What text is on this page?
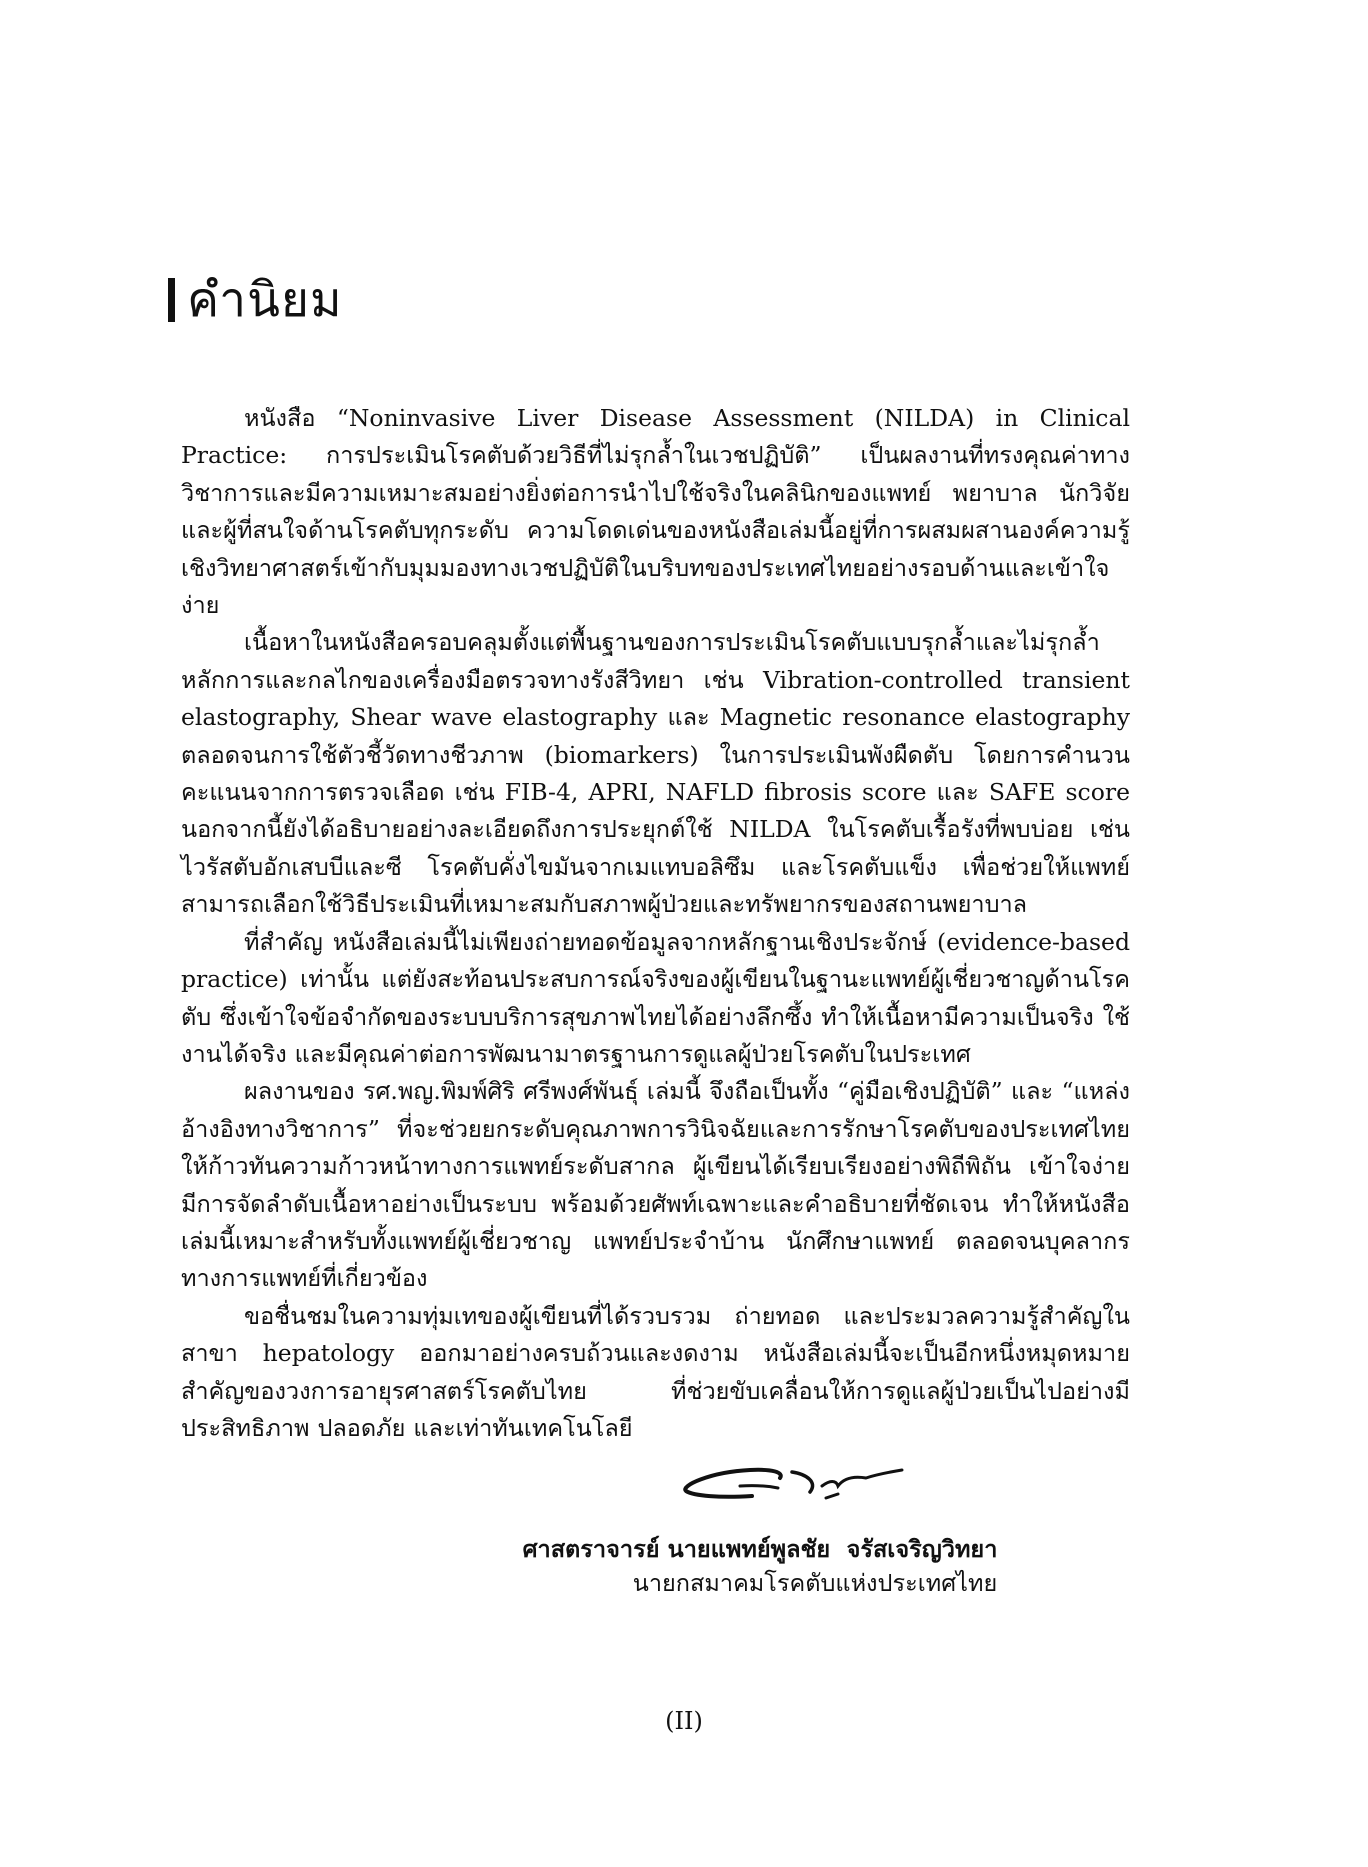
คำนิยม

หนังสือ “Noninvasive Liver Disease Assessment (NILDA) in Clinical Practice: การประเมินโรคตับด้วยวิธีที่ไม่รุกล้ำในเวชปฏิบัติ” เป็นผลงานที่ทรงคุณค่าทางวิชาการและมีความเหมาะสมอย่างยิ่งต่อการนำไปใช้จริงในคลินิกของแพทย์ พยาบาล นักวิจัย และผู้ที่สนใจด้านโรคตับทุกระดับ ความโดดเด่นของหนังสือเล่มนี้อยู่ที่การผสมผสานองค์ความรู้เชิงวิทยาศาสตร์เข้ากับมุมมองทางเวชปฏิบัติในบริบทของประเทศไทยอย่างรอบด้านและเข้าใจง่าย

เนื้อหาในหนังสือครอบคลุมตั้งแต่พื้นฐานของการประเมินโรคตับแบบรุกล้ำและไม่รุกล้ำ หลักการและกลไกของเครื่องมือตรวจทางรังสีวิทยา เช่น Vibration-controlled transient elastography, Shear wave elastography และ Magnetic resonance elastography ตลอดจนการใช้ตัวชี้วัดทางชีวภาพ (biomarkers) ในการประเมินพังผืดตับ โดยการคำนวนคะแนนจากการตรวจเลือด เช่น FIB-4, APRI, NAFLD fibrosis score และ SAFE score นอกจากนี้ยังได้อธิบายอย่างละเอียดถึงการประยุกต์ใช้ NILDA ในโรคตับเรื้อรังที่พบบ่อย เช่น ไวรัสตับอักเสบบีและซี โรคตับคั่งไขมันจากเมแทบอลิซึม และโรคตับแข็ง เพื่อช่วยให้แพทย์สามารถเลือกใช้วิธีประเมินที่เหมาะสมกับสภาพผู้ป่วยและทรัพยากรของสถานพยาบาล

ที่สำคัญ หนังสือเล่มนี้ไม่เพียงถ่ายทอดข้อมูลจากหลักฐานเชิงประจักษ์ (evidence-based practice) เท่านั้น แต่ยังสะท้อนประสบการณ์จริงของผู้เขียนในฐานะแพทย์ผู้เชี่ยวชาญด้านโรคตับ ซึ่งเข้าใจข้อจำกัดของระบบบริการสุขภาพไทยได้อย่างลึกซึ้ง ทำให้เนื้อหามีความเป็นจริง ใช้งานได้จริง และมีคุณค่าต่อการพัฒนามาตรฐานการดูแลผู้ป่วยโรคตับในประเทศ

ผลงานของ รศ.พญ.พิมพ์ศิริ ศรีพงศ์พันธุ์ เล่มนี้ จึงถือเป็นทั้ง “คู่มือเชิงปฏิบัติ” และ “แหล่งอ้างอิงทางวิชาการ” ที่จะช่วยยกระดับคุณภาพการวินิจฉัยและการรักษาโรคตับของประเทศไทยให้ก้าวทันความก้าวหน้าทางการแพทย์ระดับสากล ผู้เขียนได้เรียบเรียงอย่างพิถีพิถัน เข้าใจง่าย มีการจัดลำดับเนื้อหาอย่างเป็นระบบ พร้อมด้วยศัพท์เฉพาะและคำอธิบายที่ชัดเจน ทำให้หนังสือเล่มนี้เหมาะสำหรับทั้งแพทย์ผู้เชี่ยวชาญ แพทย์ประจำบ้าน นักศึกษาแพทย์ ตลอดจนบุคลากรทางการแพทย์ที่เกี่ยวข้อง

ขอชื่นชมในความทุ่มเทของผู้เขียนที่ได้รวบรวม ถ่ายทอด และประมวลความรู้สำคัญในสาขา hepatology ออกมาอย่างครบถ้วนและงดงาม หนังสือเล่มนี้จะเป็นอีกหนึ่งหมุดหมายสำคัญของวงการอายุรศาสตร์โรคตับไทย ที่ช่วยขับเคลื่อนให้การดูแลผู้ป่วยเป็นไปอย่างมีประสิทธิภาพ ปลอดภัย และเท่าทันเทคโนโลยี

ศาสตราจารย์ นายแพทย์พูลชัย  จรัสเจริญวิทยา
นายกสมาคมโรคตับแห่งประเทศไทย
(II)
